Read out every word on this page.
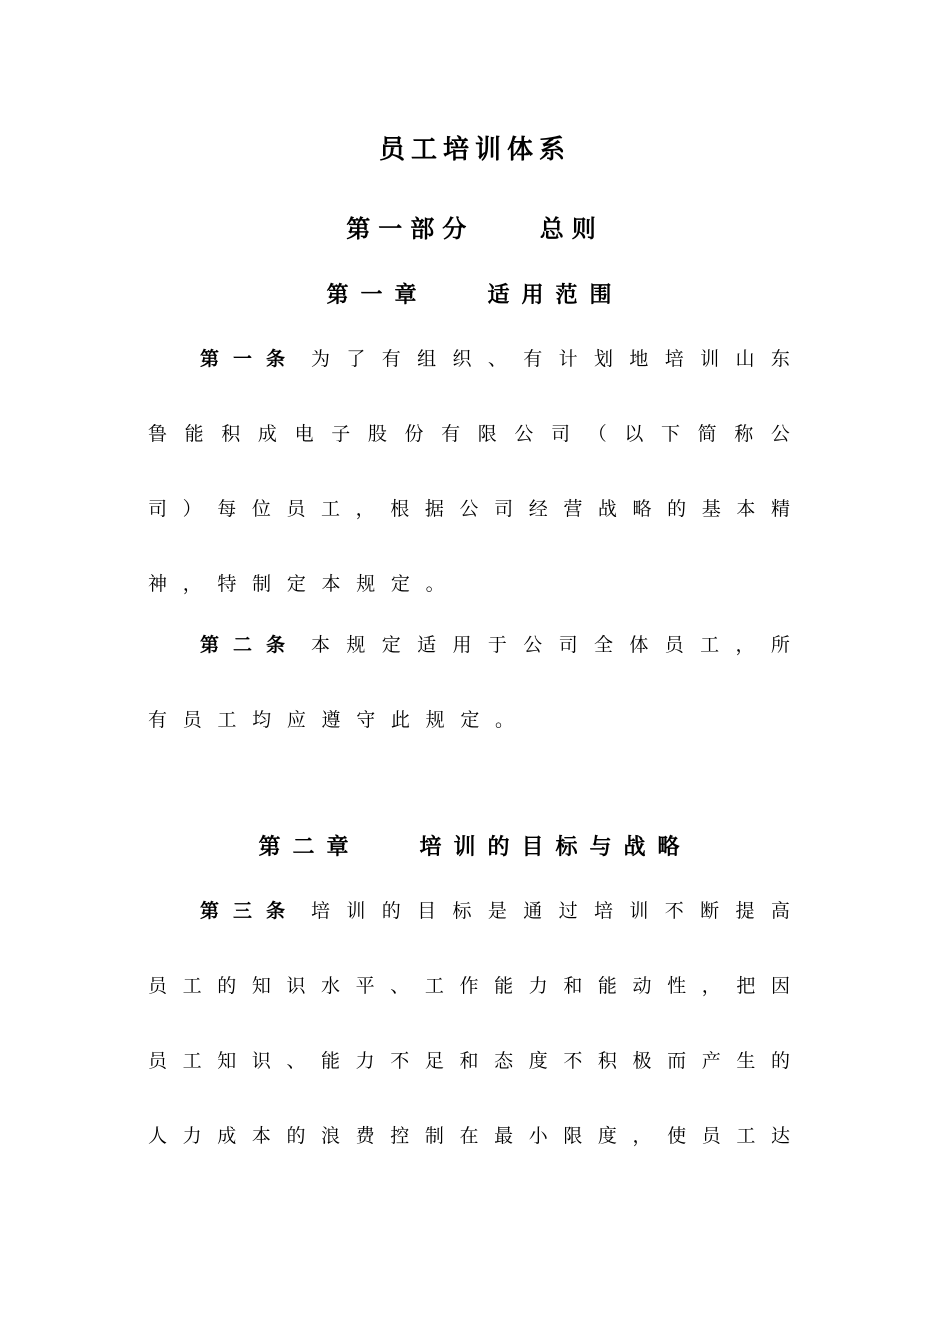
员工培训体系
第一部分    总则
第一章   适用范围
第一条 为 了 有 组 织 、 有 计 划 地 培 训 山 东
鲁 能 积 成 电 子 股 份 有 限 公 司 （ 以 下 简 称 公
司 ） 每 位 员 工 ， 根 据 公 司 经 营 战 略 的 基 本 精
神 ， 特 制 定 本 规 定 。
第二条 本 规 定 适 用 于 公 司 全 体 员 工 ， 所
有 员 工 均 应 遵 守 此 规 定 。
第二章   培训的目标与战略
第三条 培 训 的 目 标 是 通 过 培 训 不 断 提 高
员 工 的 知 识 水 平 、 工 作 能 力 和 能 动 性 ， 把 因
员 工 知 识 、 能 力 不 足 和 态 度 不 积 极 而 产 生 的
人 力 成 本 的 浪 费 控 制 在 最 小 限 度 ， 使 员 工 达
